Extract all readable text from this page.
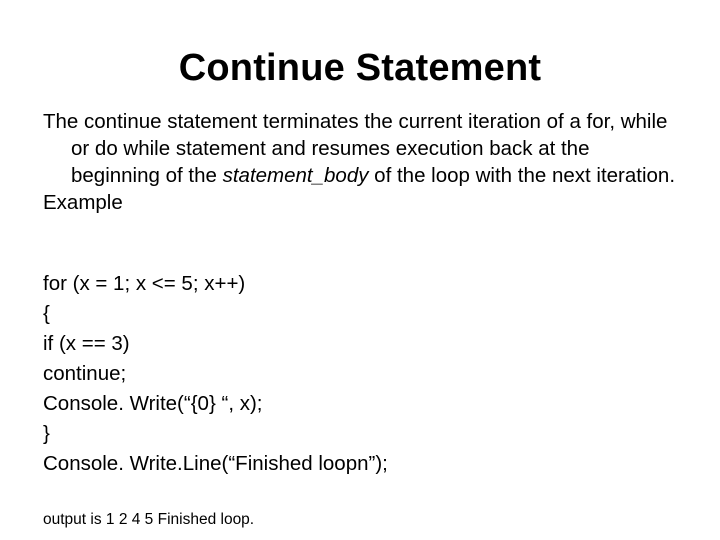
Continue Statement

The continue statement terminates the current iteration of a for, while or do while statement and resumes execution back at the beginning of the statement_body of the loop with the next iteration.

Example

for (x = 1; x <= 5; x++)
{
if (x == 3)
continue;
Console. Write(“{0} “, x);
}
Console. Write.Line(“Finished loopn”);
output is 1 2 4 5 Finished loop.
